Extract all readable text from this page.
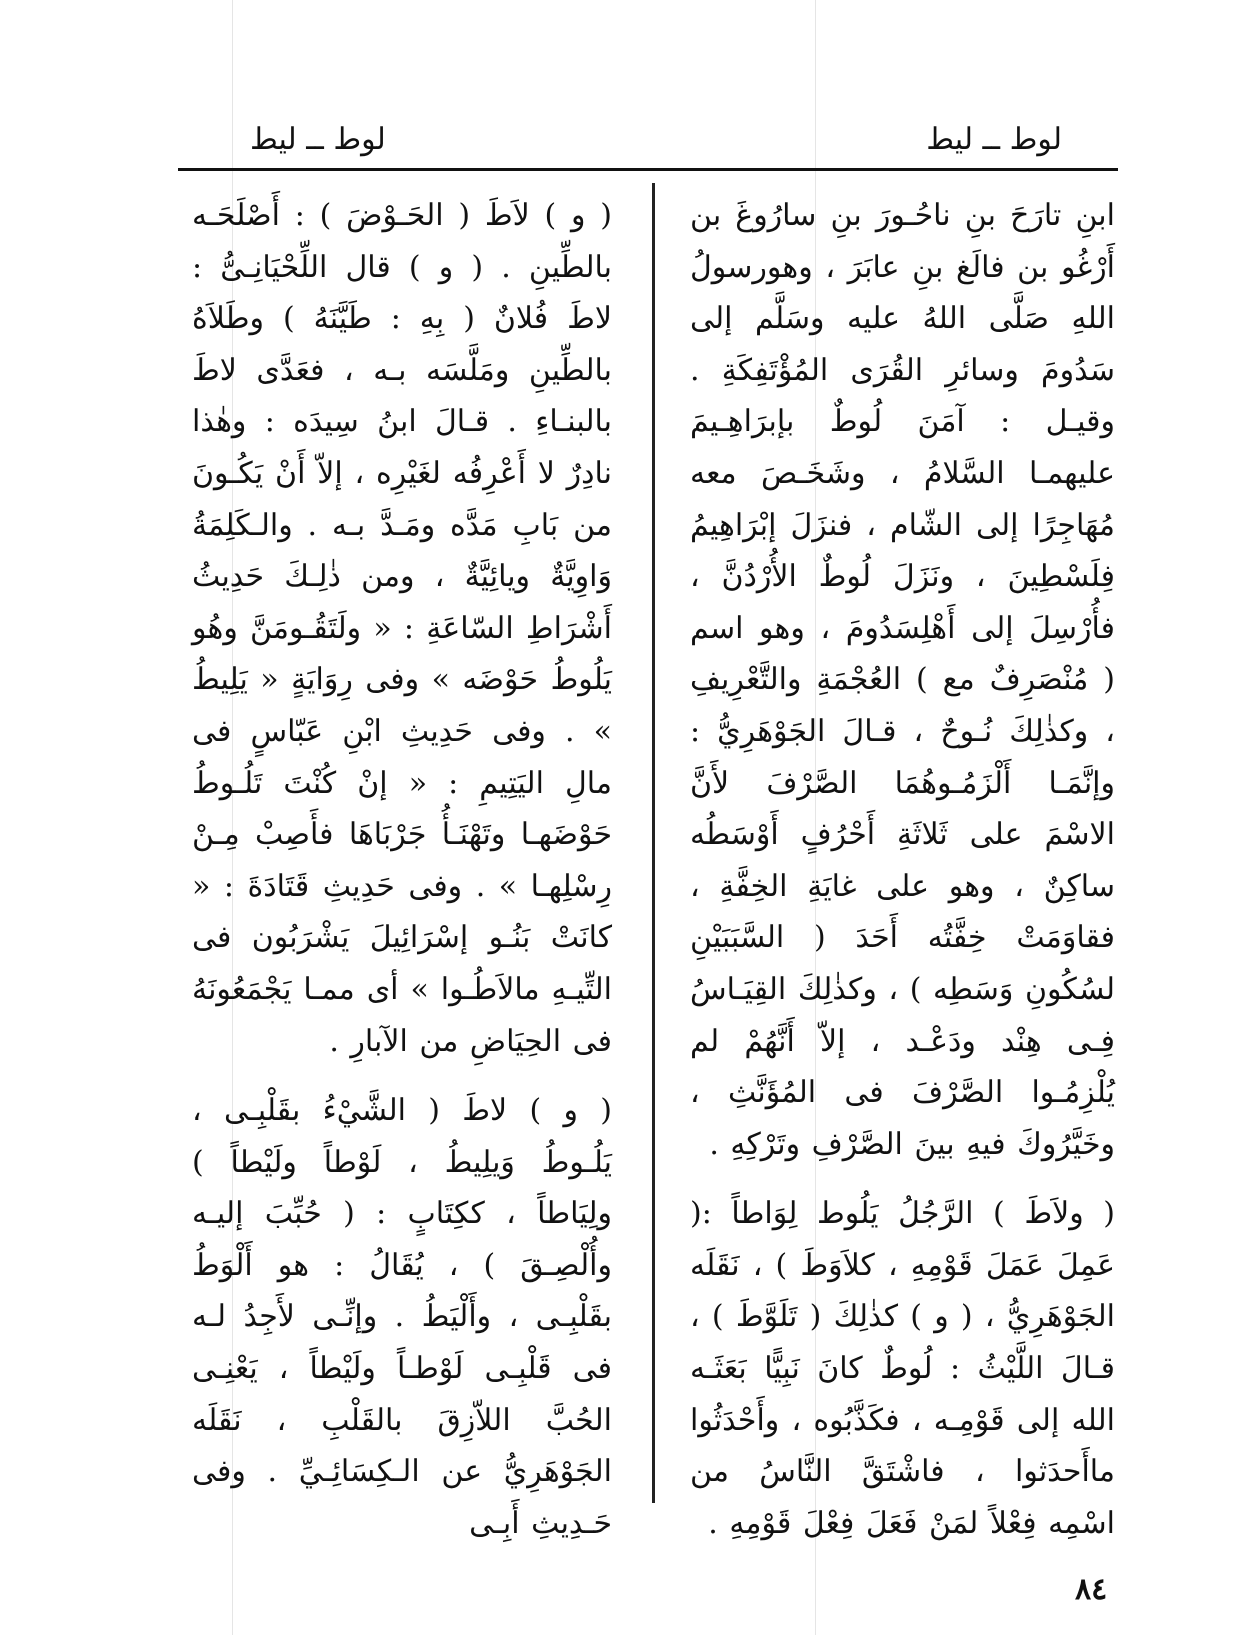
لوط ــ ليط	لوط ــ ليط

ابنِ تارَحَ بنِ ناحُـورَ بنِ سارُوغَ بن أَرْغُو بن فالَغ بنِ عابَرَ ، وهورسولُ اللهِ صَلَّى اللهُ عليه وسَلَّم إلى سَدُومَ وسائرِ القُرَى المُؤْتَفِكَةِ . وقيـل : آمَنَ لُوطٌ بإبرَاهِـيمَ عليهمـا السَّلامُ ، وشَخَـصَ معه مُهَاجِرًا إلى الشّام ، فنزَلَ إبْرَاهِيمُ فِلَسْطِينَ ، ونَزَلَ لُوطٌ الأُرْدُنَّ ، فأُرْسِلَ إلى أَهْلِسَدُومَ ، وهو اسم ( مُنْصَرِفٌ مع ) العُجْمَةِ والتَّعْرِيفِ ، وكذٰلِكَ نُـوحٌ ، قـالَ الجَوْهَرِيُّ : وإنَّمَـا أَلْزَمُـوهُمَا الصَّرْفَ لأَنَّ الاسْمَ على ثَلاثَةِ أَحْرُفٍ أَوْسَطُه ساكِنٌ ، وهو على غايَةِ الخِفَّةِ ، فقاوَمَتْ خِفَّتُه أَحَدَ ( السَّبَبَيْنِ لسُكُونِ وَسَطِه ) ، وكذٰلِكَ القِيَـاسُ فِـى هِنْد ودَعْـد ، إلاّ أَنَّهُمْ لم يُلْزِمُـوا الصَّرْفَ فى المُؤَنَّثِ ، وخَيَّرُوكَ فيهِ بينَ الصَّرْفِ وتَرْكِهِ .

( ولاَطَ ) الرَّجُلُ يَلُوط لِوَاطاً :( عَمِلَ عَمَلَ قَوْمِهِ ، كلاَوَطَ ) ، نَقَلَه الجَوْهَرِيُّ ، ( و ) كذٰلِكَ ( تَلَوَّطَ ) ، قـالَ اللَّيْثُ : لُوطٌ كانَ نَبِيًّا بَعَثَـه الله إلى قَوْمِـه ، فكَذَّبُوه ، وأَحْدَثُوا ماأَحدَثوا ، فاشْتَقَّ النَّاسُ من اسْمِه فِعْلاً لمَنْ فَعَلَ فِعْلَ قَوْمِهِ .

( و ) لاَطَ ( الحَـوْضَ ) : أَصْلَحَـه بالطِّينِ . ( و ) قال اللِّحْيَانِـىُّ : لاطَ فُلانٌ ( بِهِ : طَيَّنَهُ ) وطَلاَهُ بالطِّينِ ومَلَّسَه بـه ، فعَدَّى لاطَ بالبنـاءِ . قـالَ ابنُ سِيدَه : وهٰذا نادِرٌ لا أَعْرِفُه لغَيْرِه ، إلاّ أَنْ يَكُـونَ من بَابِ مَدَّه ومَـدَّ بـه . والـكَلِمَةُ وَاوِيَّةٌ ويائِيَّةٌ ، ومن ذٰلِـكَ حَدِيثُ أَشْرَاطِ السّاعَةِ : « ولَتَقُـومَنَّ وهُو يَلُوطُ حَوْضَه » وفى رِوَايَةٍ « يَلِيطُ » . وفى حَدِيثِ ابْنِ عَبّاسٍ فى مالِ اليَتِيمِ : « إنْ كُنْتَ تَلُـوطُ حَوْضَهـا وتَهْنَـأُ جَرْبَاهَا فأَصِبْ مِـنْ رِسْلِهـا » . وفى حَدِيثِ قَتَادَةَ : « كانَتْ بَنُـو إسْرَائِيلَ يَشْرَبُون فى التِّيـهِ مالاَطُـوا » أى ممـا يَجْمَعُونَهُ فى الحِيَاضِ من الآبارِ .

( و ) لاطَ ( الشَّيْءُ بقَلْبِـى ، يَلُـوطُ وَيلِيطُ ، لَوْطاً ولَيْطاً ) ولِيَاطاً ، ككِتَابٍ : ( حُبِّبَ إليـه وأُلْصِـقَ ) ، يُقَالُ : هو أَلْوَطُ بقَلْبِـى ، وأَلْيَطُ . وإنِّـى لأَجِدُ لـه فى قَلْبِـى لَوْطـاً ولَيْطاً ، يَعْنِـى الحُبَّ اللاّزِقَ بالقَلْبِ ، نَقَلَه الجَوْهَرِيُّ عن الـكِسَائِـيِّ . وفى حَـدِيثِ أَبِـى

٨٤
